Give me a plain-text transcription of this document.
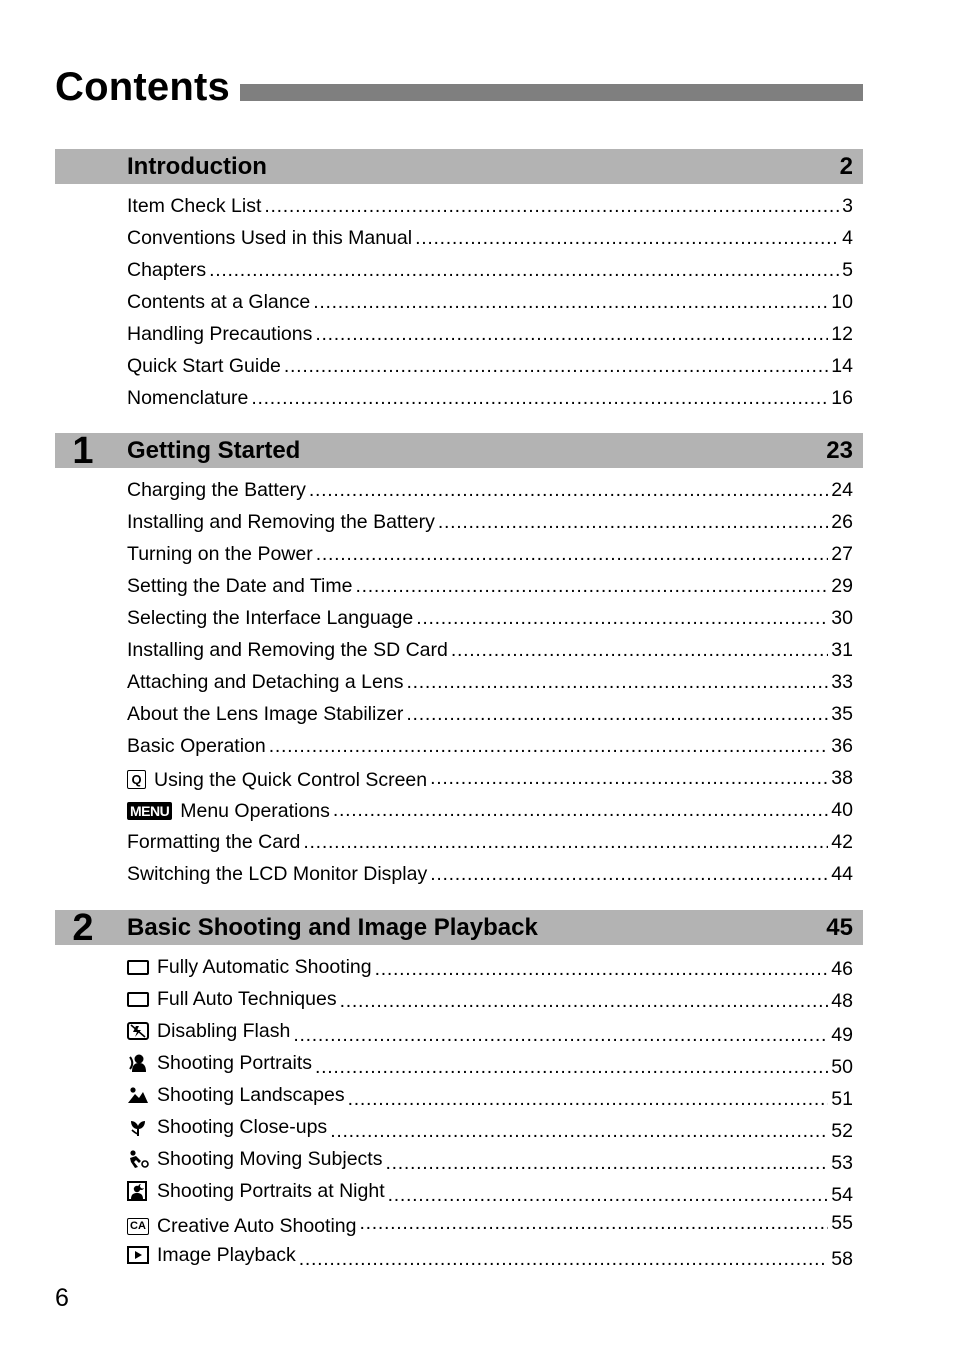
Contents
Introduction	2
Item Check List . . .	3
Conventions Used in this Manual . . .	4
Chapters . . .	5
Contents at a Glance . . .	10
Handling Precautions . . .	12
Quick Start Guide . . .	14
Nomenclature . . .	16
1	Getting Started	23
Charging the Battery . . .	24
Installing and Removing the Battery . . .	26
Turning on the Power . . .	27
Setting the Date and Time . . .	29
Selecting the Interface Language . . .	30
Installing and Removing the SD Card . . .	31
Attaching and Detaching a Lens . . .	33
About the Lens Image Stabilizer . . .	35
Basic Operation . . .	36
Q Using the Quick Control Screen . . .	38
MENU Menu Operations . . .	40
Formatting the Card . . .	42
Switching the LCD Monitor Display . . .	44
2	Basic Shooting and Image Playback	45
Fully Automatic Shooting . . .	46
Full Auto Techniques . . .	48
Disabling Flash . . .	49
Shooting Portraits . . .	50
Shooting Landscapes . . .	51
Shooting Close-ups . . .	52
Shooting Moving Subjects . . .	53
Shooting Portraits at Night . . .	54
CA Creative Auto Shooting . . .	55
Image Playback . . .	58
6
